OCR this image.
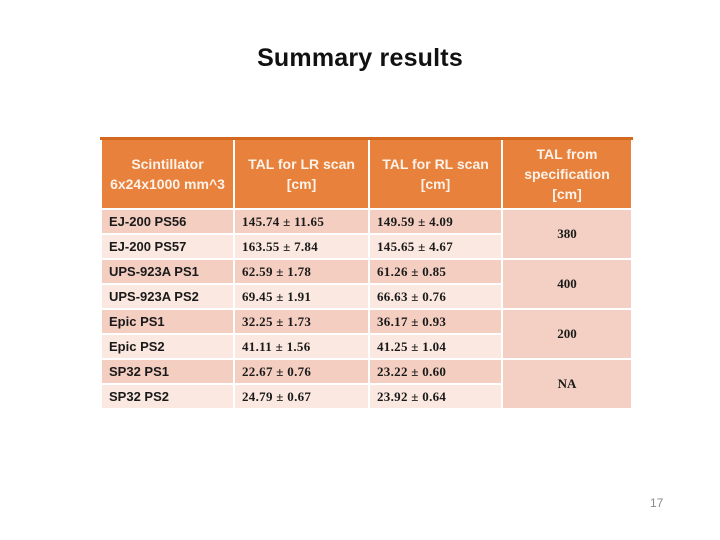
Summary results
Scintillator 6x24x1000 mm^3	TAL for LR scan [cm]	TAL for RL scan [cm]	TAL from specification [cm]
EJ-200 PS56	145.74 ± 11.65	149.59 ± 4.09	380
EJ-200 PS57	163.55 ± 7.84	145.65 ± 4.67	
UPS-923A PS1	62.59 ± 1.78	61.26 ± 0.85	400
UPS-923A PS2	69.45 ± 1.91	66.63 ± 0.76	
Epic PS1	32.25 ± 1.73	36.17 ± 0.93	200
Epic PS2	41.11 ± 1.56	41.25 ± 1.04	
SP32 PS1	22.67 ± 0.76	23.22 ± 0.60	NA
SP32 PS2	24.79 ± 0.67	23.92 ± 0.64	
17
